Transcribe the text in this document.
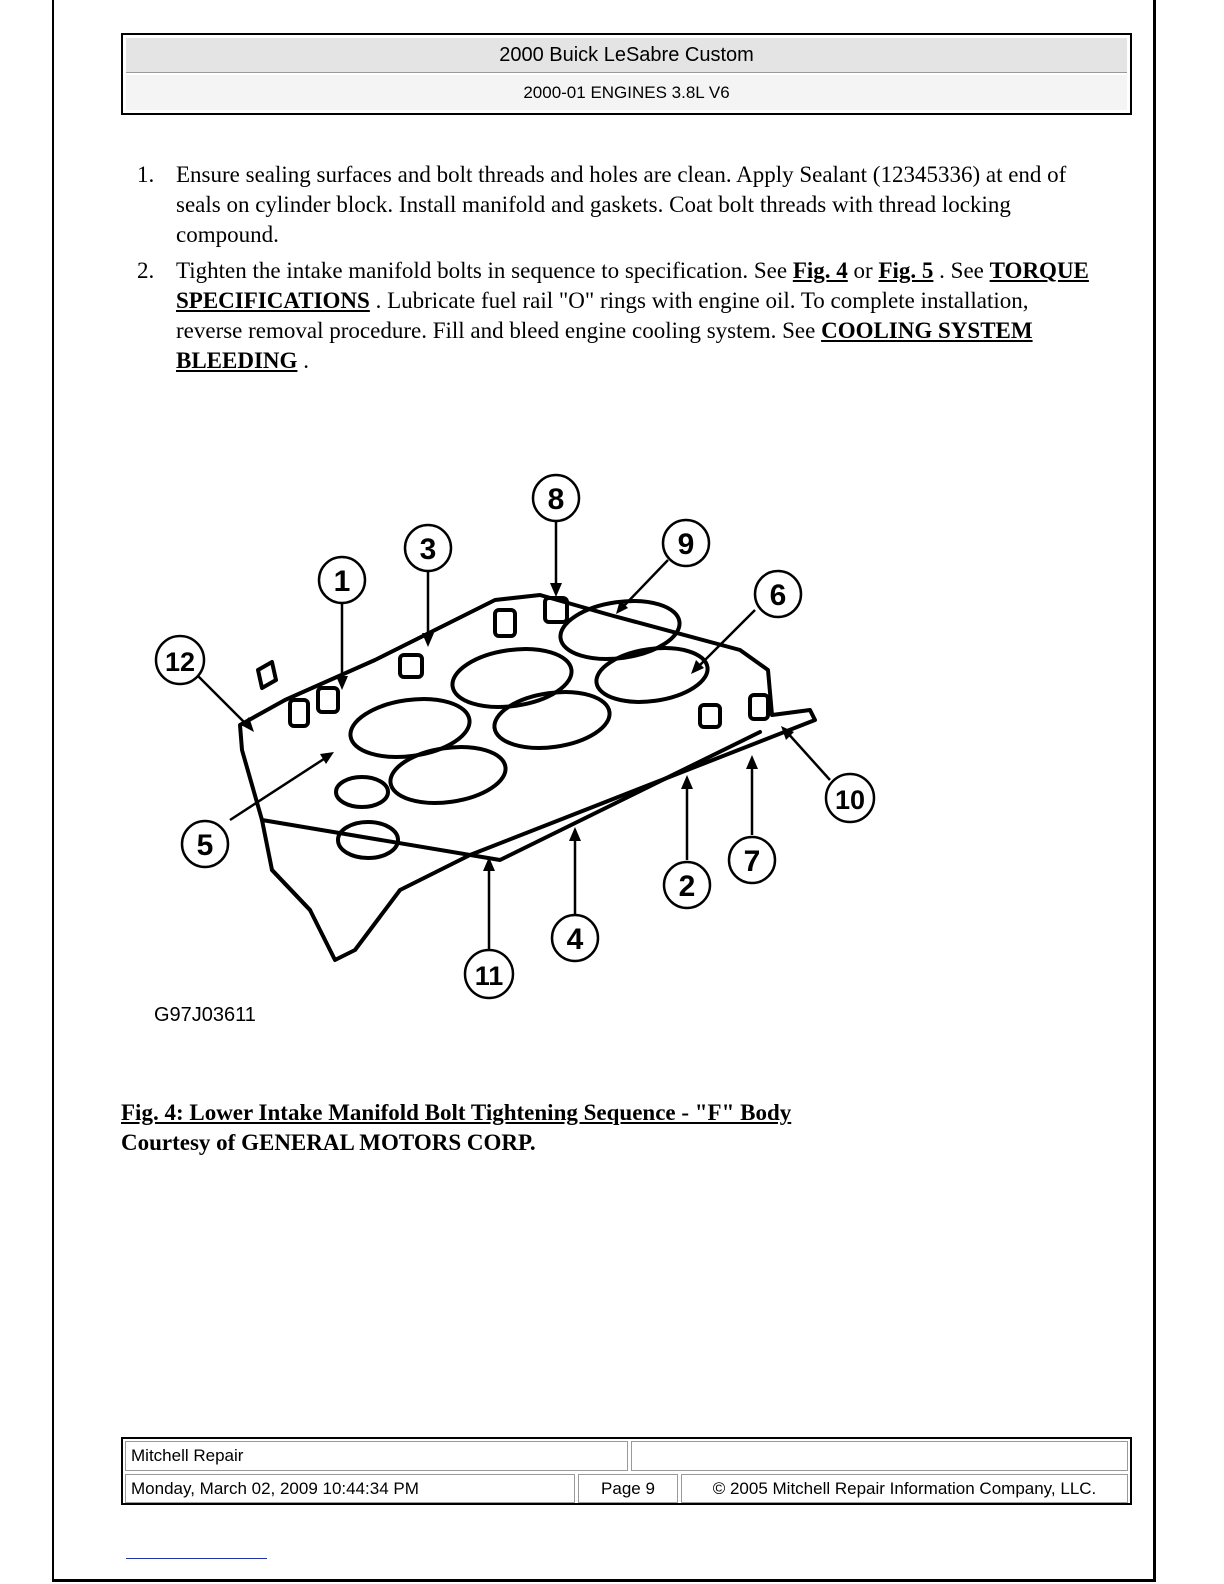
2000 Buick LeSabre Custom
2000-01 ENGINES 3.8L V6
1. Ensure sealing surfaces and bolt threads and holes are clean. Apply Sealant (12345336) at end of seals on cylinder block. Install manifold and gaskets. Coat bolt threads with thread locking compound.
2. Tighten the intake manifold bolts in sequence to specification. See Fig. 4 or Fig. 5 . See TORQUE SPECIFICATIONS . Lubricate fuel rail "O" rings with engine oil. To complete installation, reverse removal procedure. Fill and bleed engine cooling system. See COOLING SYSTEM BLEEDING .
1
2
3
4
5
6
7
8
9
10
11
12
G97J03611
Fig. 4: Lower Intake Manifold Bolt Tightening Sequence - "F" Body
Courtesy of GENERAL MOTORS CORP.
Mitchell Repair
Monday, March 02, 2009 10:44:34 PM	Page 9	© 2005 Mitchell Repair Information Company, LLC.
